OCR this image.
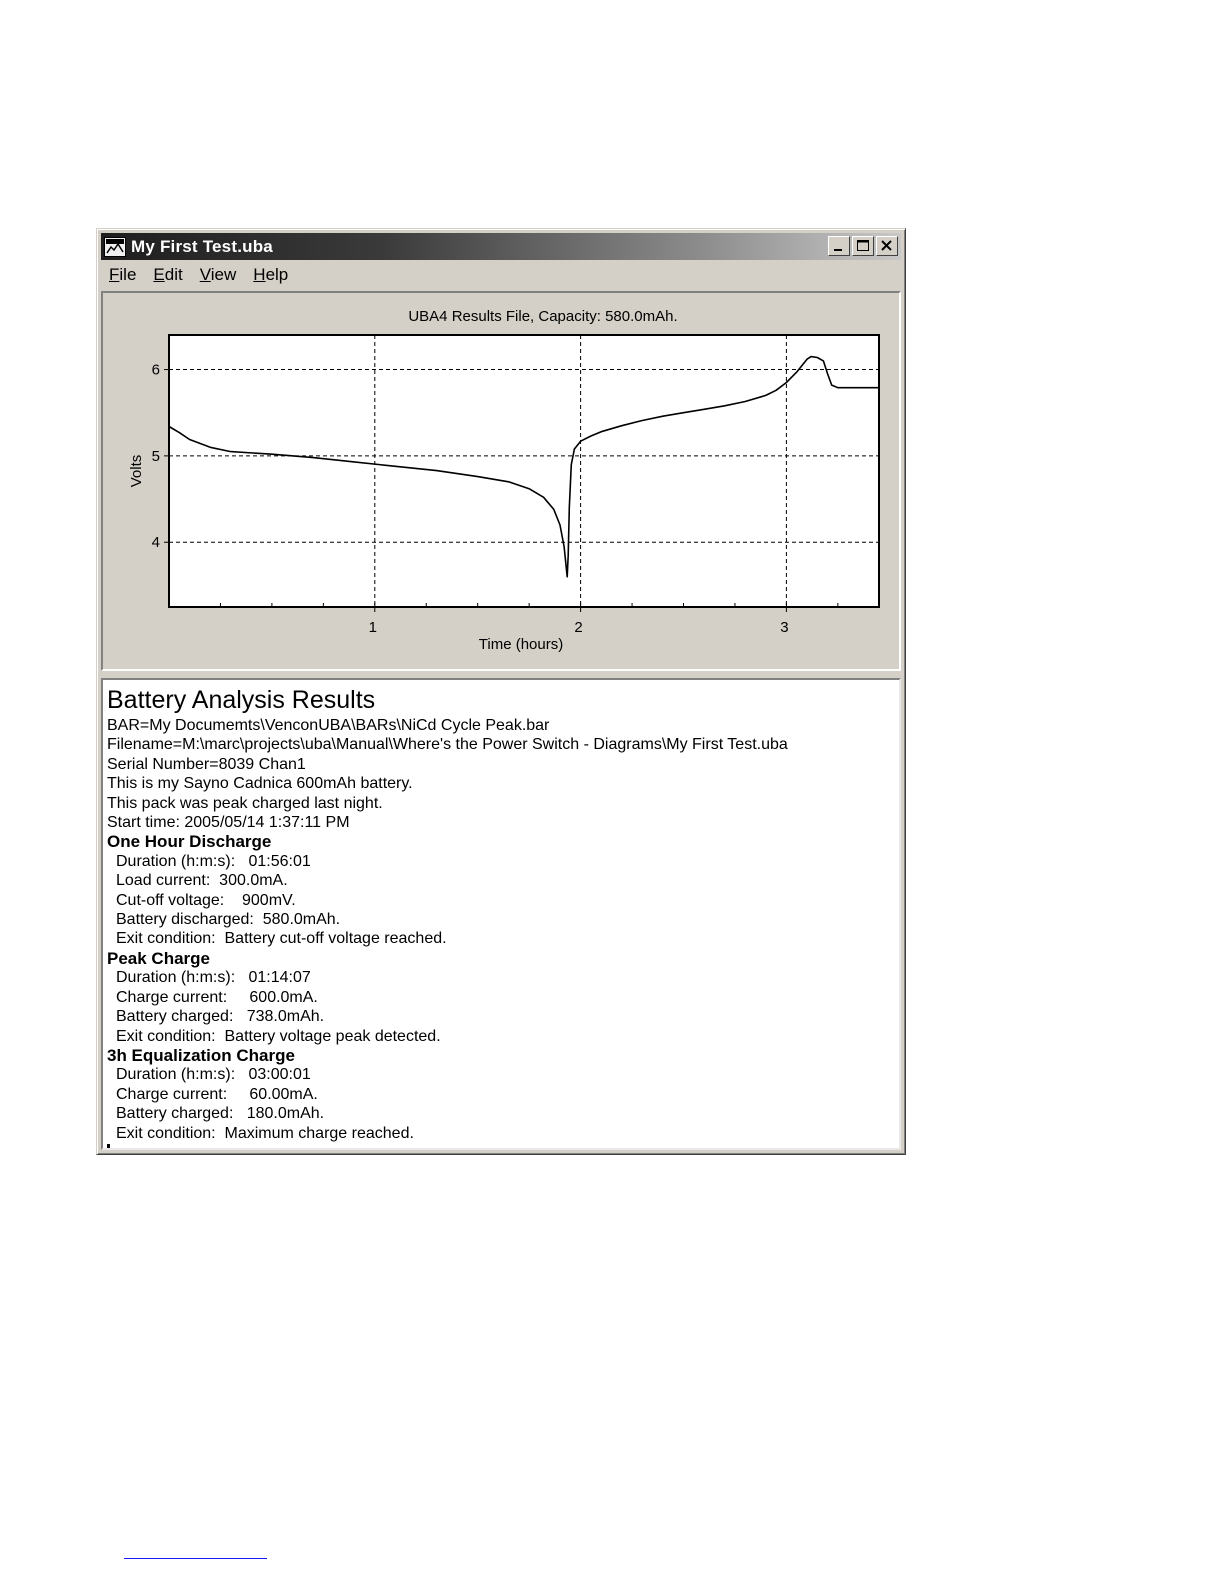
My First Test.uba
File	Edit	View	Help
1	2	3
4
5
6
UBA4 Results File, Capacity: 580.0mAh.
Time (hours)
Volts
Battery Analysis Results
BAR=My Documemts\VenconUBA\BARs\NiCd Cycle Peak.bar
Filename=M:\marc\projects\uba\Manual\Where's the Power Switch - Diagrams\My First Test.uba
Serial Number=8039 Chan1
This is my Sayno Cadnica 600mAh battery.
This pack was peak charged last night.
Start time: 2005/05/14 1:37:11 PM
One Hour Discharge
Duration (h:m:s):   01:56:01
Load current:  300.0mA.
Cut-off voltage:    900mV.
Battery discharged:  580.0mAh.
Exit condition:  Battery cut-off voltage reached.
Peak Charge
Duration (h:m:s):   01:14:07
Charge current:     600.0mA.
Battery charged:   738.0mAh.
Exit condition:  Battery voltage peak detected.
3h Equalization Charge
Duration (h:m:s):   03:00:01
Charge current:     60.00mA.
Battery charged:   180.0mAh.
Exit condition:  Maximum charge reached.
